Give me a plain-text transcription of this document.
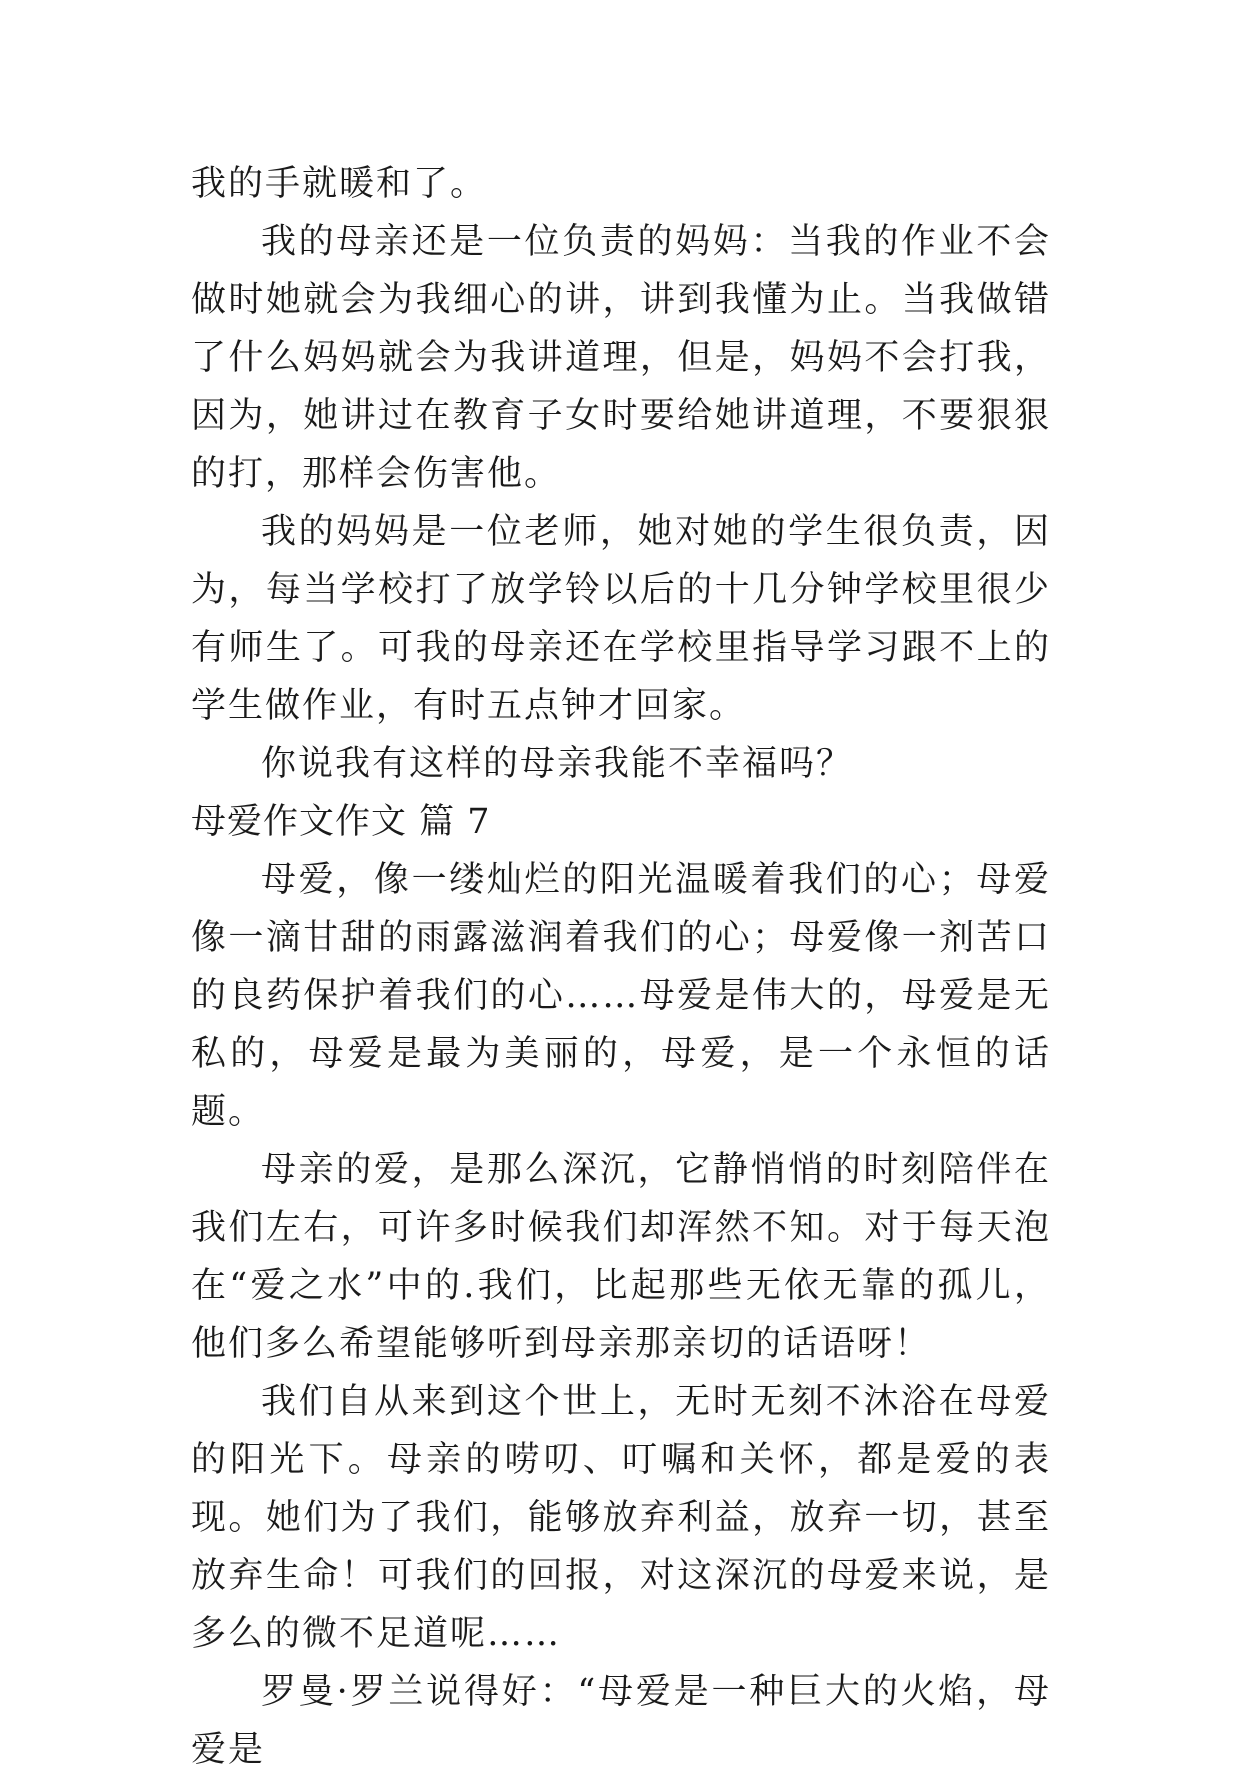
我的手就暖和了。

我的母亲还是一位负责的妈妈：当我的作业不会做时她就会为我细心的讲，讲到我懂为止。当我做错了什么妈妈就会为我讲道理，但是，妈妈不会打我，因为，她讲过在教育子女时要给她讲道理，不要狠狠的打，那样会伤害他。

我的妈妈是一位老师，她对她的学生很负责，因为，每当学校打了放学铃以后的十几分钟学校里很少有师生了。可我的母亲还在学校里指导学习跟不上的学生做作业，有时五点钟才回家。

你说我有这样的母亲我能不幸福吗？

母爱作文作文 篇 7

母爱，像一缕灿烂的阳光温暖着我们的心；母爱像一滴甘甜的雨露滋润着我们的心；母爱像一剂苦口的良药保护着我们的心……母爱是伟大的，母爱是无私的，母爱是最为美丽的，母爱，是一个永恒的话题。

母亲的爱，是那么深沉，它静悄悄的时刻陪伴在我们左右，可许多时候我们却浑然不知。对于每天泡在“爱之水”中的.我们，比起那些无依无靠的孤儿，他们多么希望能够听到母亲那亲切的话语呀！

我们自从来到这个世上，无时无刻不沐浴在母爱的阳光下。母亲的唠叨、叮嘱和关怀，都是爱的表现。她们为了我们，能够放弃利益，放弃一切，甚至放弃生命！可我们的回报，对这深沉的母爱来说，是多么的微不足道呢……

罗曼·罗兰说得好：“母爱是一种巨大的火焰，母爱是
